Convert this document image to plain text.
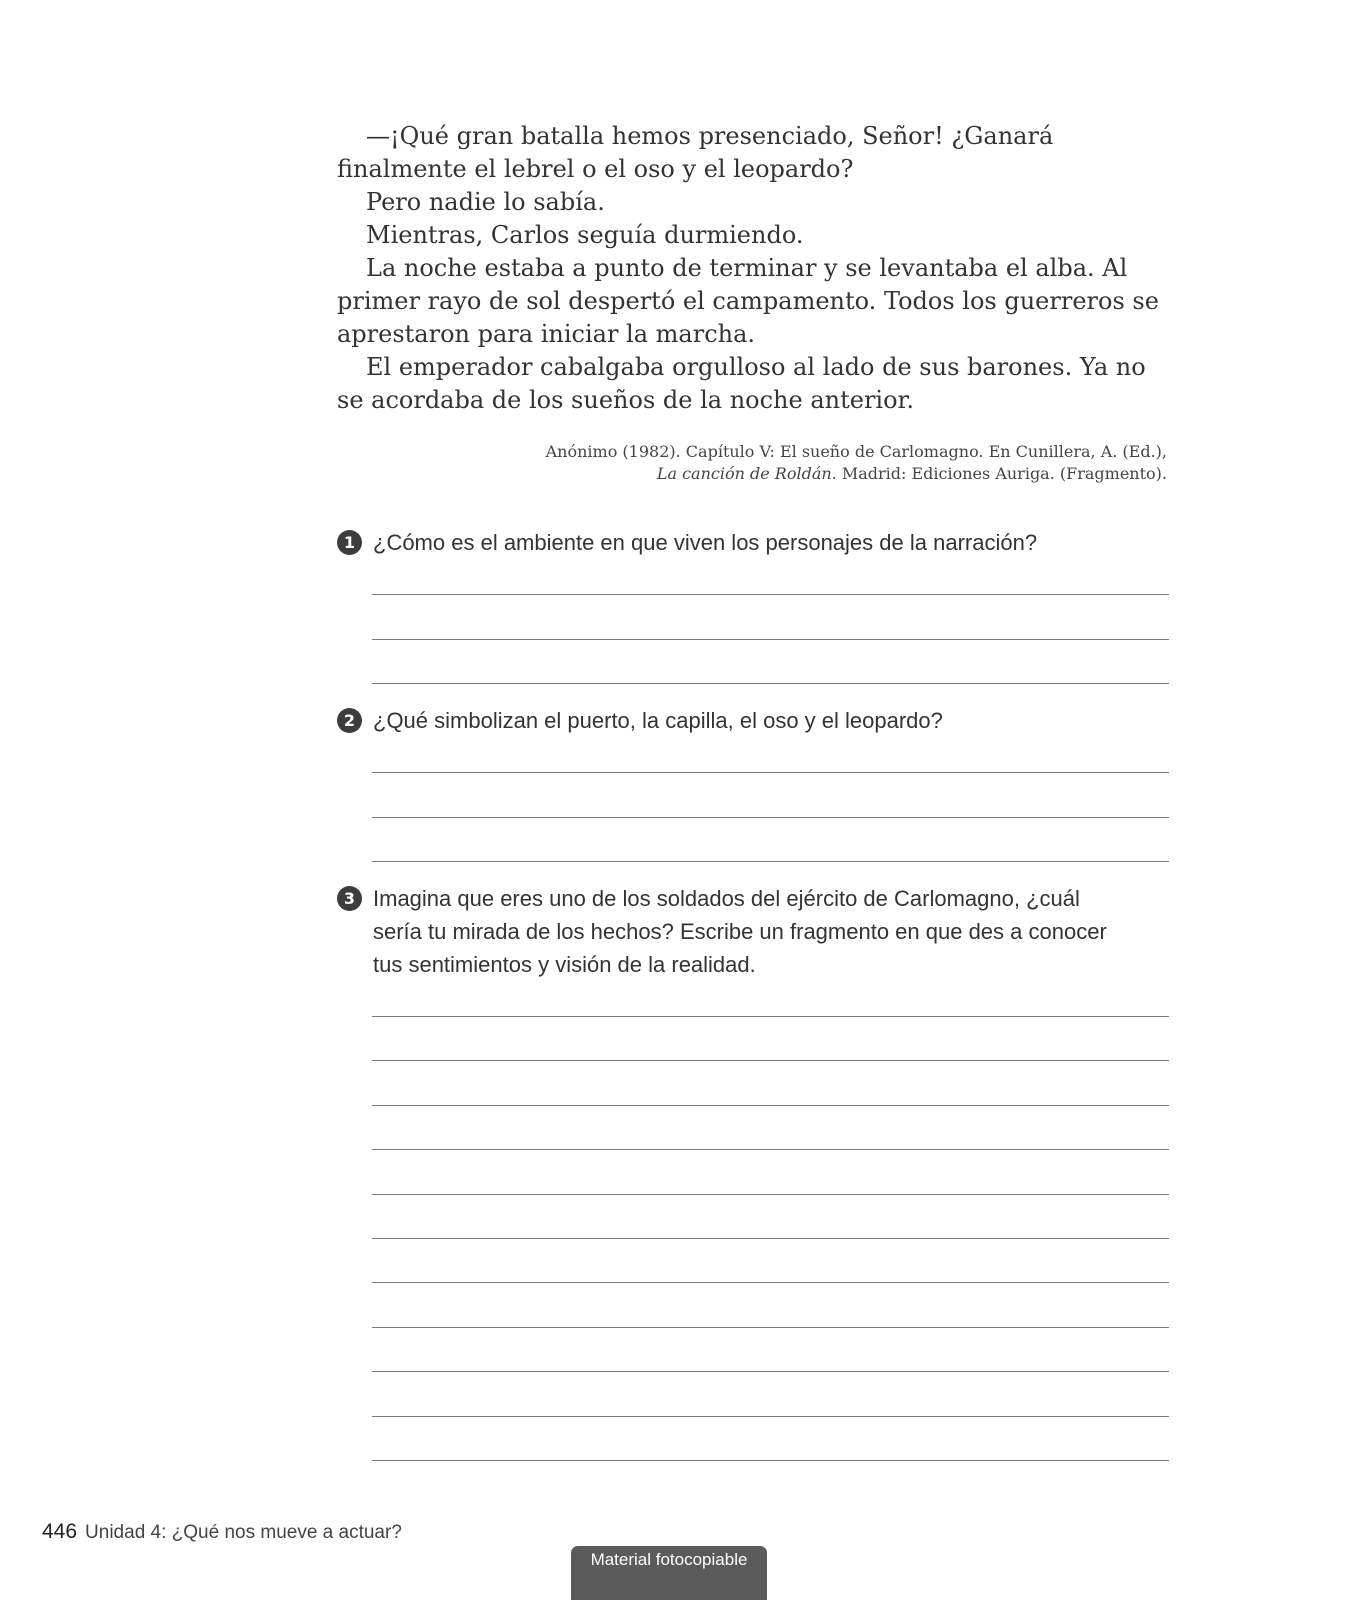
—¡Qué gran batalla hemos presenciado, Señor! ¿Ganará finalmente el lebrel o el oso y el leopardo?

Pero nadie lo sabía.

Mientras, Carlos seguía durmiendo.

La noche estaba a punto de terminar y se levantaba el alba. Al primer rayo de sol despertó el campamento. Todos los guerreros se aprestaron para iniciar la marcha.

El emperador cabalgaba orgulloso al lado de sus barones. Ya no se acordaba de los sueños de la noche anterior.

Anónimo (1982). Capítulo V: El sueño de Carlomagno. En Cunillera, A. (Ed.),
La canción de Roldán. Madrid: Ediciones Auriga. (Fragmento).
1 ¿Cómo es el ambiente en que viven los personajes de la narración?
2 ¿Qué simbolizan el puerto, la capilla, el oso y el leopardo?
3 Imagina que eres uno de los soldados del ejército de Carlomagno, ¿cuál sería tu mirada de los hechos? Escribe un fragmento en que des a conocer tus sentimientos y visión de la realidad.
446 Unidad 4: ¿Qué nos mueve a actuar?
Material fotocopiable
